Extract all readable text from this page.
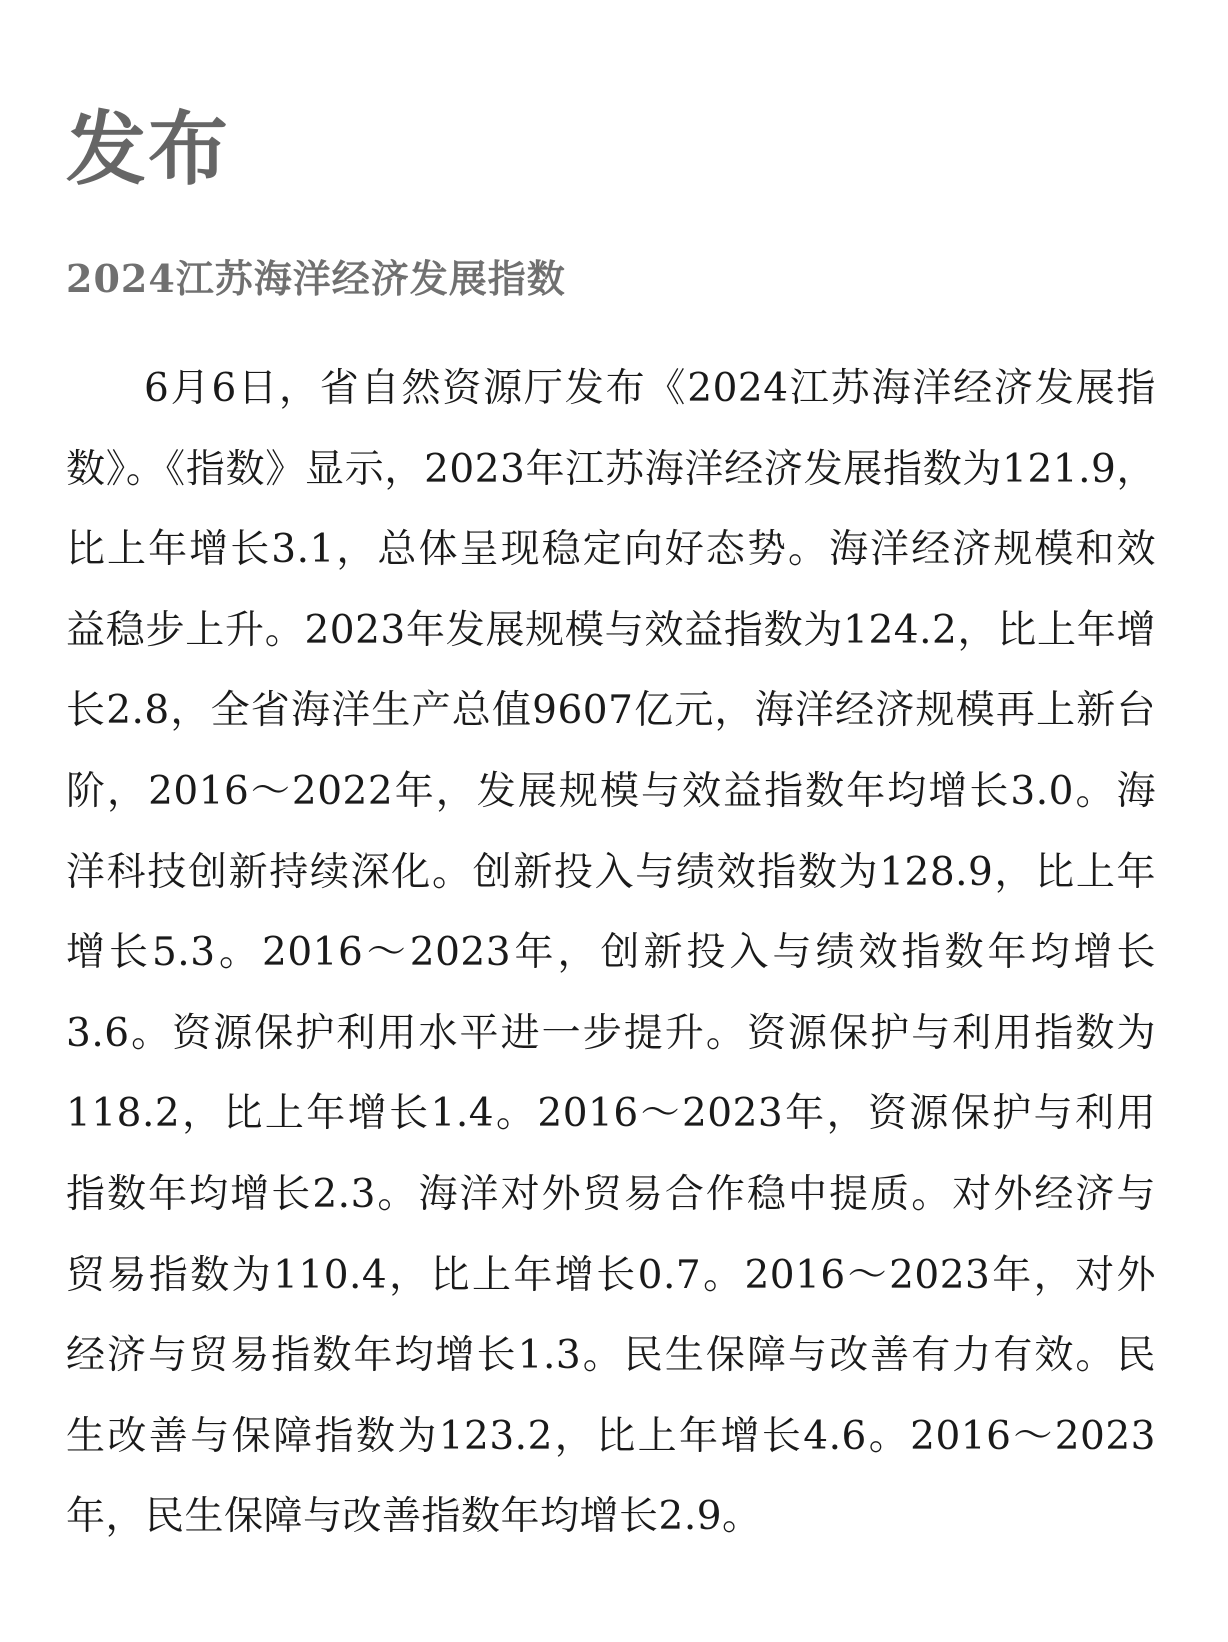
发布
2024江苏海洋经济发展指数

6月6日，省自然资源厅发布《2024江苏海洋经济发展指数》。《指数》显示，2023年江苏海洋经济发展指数为121.9，比上年增长3.1，总体呈现稳定向好态势。海洋经济规模和效益稳步上升。2023年发展规模与效益指数为124.2，比上年增长2.8，全省海洋生产总值9607亿元，海洋经济规模再上新台阶，2016～2022年，发展规模与效益指数年均增长3.0。海洋科技创新持续深化。创新投入与绩效指数为128.9，比上年增长5.3。2016～2023年，创新投入与绩效指数年均增长3.6。资源保护利用水平进一步提升。资源保护与利用指数为118.2，比上年增长1.4。2016～2023年，资源保护与利用指数年均增长2.3。海洋对外贸易合作稳中提质。对外经济与贸易指数为110.4，比上年增长0.7。2016～2023年，对外经济与贸易指数年均增长1.3。民生保障与改善有力有效。民生改善与保障指数为123.2，比上年增长4.6。2016～2023年，民生保障与改善指数年均增长2.9。
